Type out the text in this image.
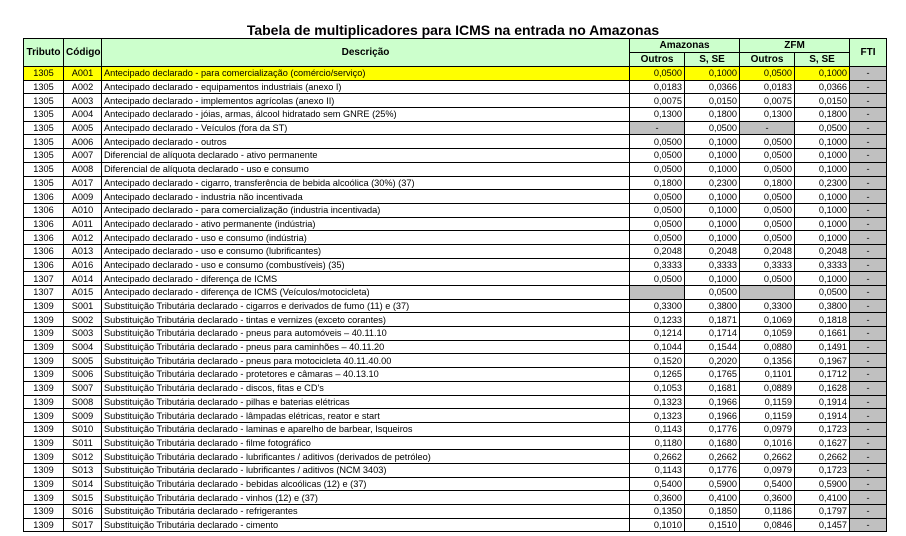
Tabela de multiplicadores para ICMS na entrada no Amazonas
Tributo	Código	Descrição	Amazonas		ZFM		FTI
			Outros	S, SE	Outros	S, SE	
1305	A001	Antecipado declarado - para comercialização (comércio/serviço)	0,0500	0,1000	0,0500	0,1000	-
1305	A002	Antecipado declarado - equipamentos industriais (anexo I)	0,0183	0,0366	0,0183	0,0366	-
1305	A003	Antecipado declarado - implementos agrícolas (anexo II)	0,0075	0,0150	0,0075	0,0150	-
1305	A004	Antecipado declarado - jóias, armas, álcool hidratado sem GNRE (25%)	0,1300	0,1800	0,1300	0,1800	-
1305	A005	Antecipado declarado - Veículos (fora da ST)	-	0,0500	-	0,0500	-
1305	A006	Antecipado declarado - outros	0,0500	0,1000	0,0500	0,1000	-
1305	A007	Diferencial de alíquota declarado - ativo permanente	0,0500	0,1000	0,0500	0,1000	-
1305	A008	Diferencial de alíquota declarado - uso e consumo	0,0500	0,1000	0,0500	0,1000	-
1305	A017	Antecipado declarado - cigarro, transferência de bebida alcoólica (30%) (37)	0,1800	0,2300	0,1800	0,2300	-
1306	A009	Antecipado declarado - industria não incentivada	0,0500	0,1000	0,0500	0,1000	-
1306	A010	Antecipado declarado - para comercialização (industria incentivada)	0,0500	0,1000	0,0500	0,1000	-
1306	A011	Antecipado declarado - ativo permanente (indústria)	0,0500	0,1000	0,0500	0,1000	-
1306	A012	Antecipado declarado - uso e consumo (indústria)	0,0500	0,1000	0,0500	0,1000	-
1306	A013	Antecipado declarado - uso e consumo (lubrificantes)	0,2048	0,2048	0,2048	0,2048	-
1306	A016	Antecipado declarado - uso e consumo (combustíveis) (35)	0,3333	0,3333	0,3333	0,3333	-
1307	A014	Antecipado declarado - diferença de ICMS	0,0500	0,1000	0,0500	0,1000	-
1307	A015	Antecipado declarado - diferença de ICMS (Veículos/motocicleta)		0,0500		0,0500	-
1309	S001	Substituição Tributária declarado - cigarros e derivados de fumo (11) e (37)	0,3300	0,3800	0,3300	0,3800	-
1309	S002	Substituição Tributária declarado - tintas e vernizes (exceto corantes)	0,1233	0,1871	0,1069	0,1818	-
1309	S003	Substituição Tributária declarado - pneus para automóveis – 40.11.10	0,1214	0,1714	0,1059	0,1661	-
1309	S004	Substituição Tributária declarado - pneus para caminhões – 40.11.20	0,1044	0,1544	0,0880	0,1491	-
1309	S005	Substituição Tributária declarado - pneus para motocicleta 40.11.40.00	0,1520	0,2020	0,1356	0,1967	-
1309	S006	Substituição Tributária declarado - protetores e câmaras – 40.13.10	0,1265	0,1765	0,1101	0,1712	-
1309	S007	Substituição Tributária declarado - discos, fitas e CD's	0,1053	0,1681	0,0889	0,1628	-
1309	S008	Substituição Tributária declarado - pilhas e baterias elétricas	0,1323	0,1966	0,1159	0,1914	-
1309	S009	Substituição Tributária declarado - lâmpadas elétricas, reator e start	0,1323	0,1966	0,1159	0,1914	-
1309	S010	Substituição Tributária declarado - laminas e aparelho de barbear, Isqueiros	0,1143	0,1776	0,0979	0,1723	-
1309	S011	Substituição Tributária declarado - filme fotográfico	0,1180	0,1680	0,1016	0,1627	-
1309	S012	Substituição Tributária declarado - lubrificantes / aditivos (derivados de petróleo)	0,2662	0,2662	0,2662	0,2662	-
1309	S013	Substituição Tributária declarado - lubrificantes / aditivos (NCM 3403)	0,1143	0,1776	0,0979	0,1723	-
1309	S014	Substituição Tributária declarado - bebidas alcoólicas (12) e (37)	0,5400	0,5900	0,5400	0,5900	-
1309	S015	Substituição Tributária declarado - vinhos (12) e (37)	0,3600	0,4100	0,3600	0,4100	-
1309	S016	Substituição Tributária declarado - refrigerantes	0,1350	0,1850	0,1186	0,1797	-
1309	S017	Substituição Tributária declarado - cimento	0,1010	0,1510	0,0846	0,1457	-
